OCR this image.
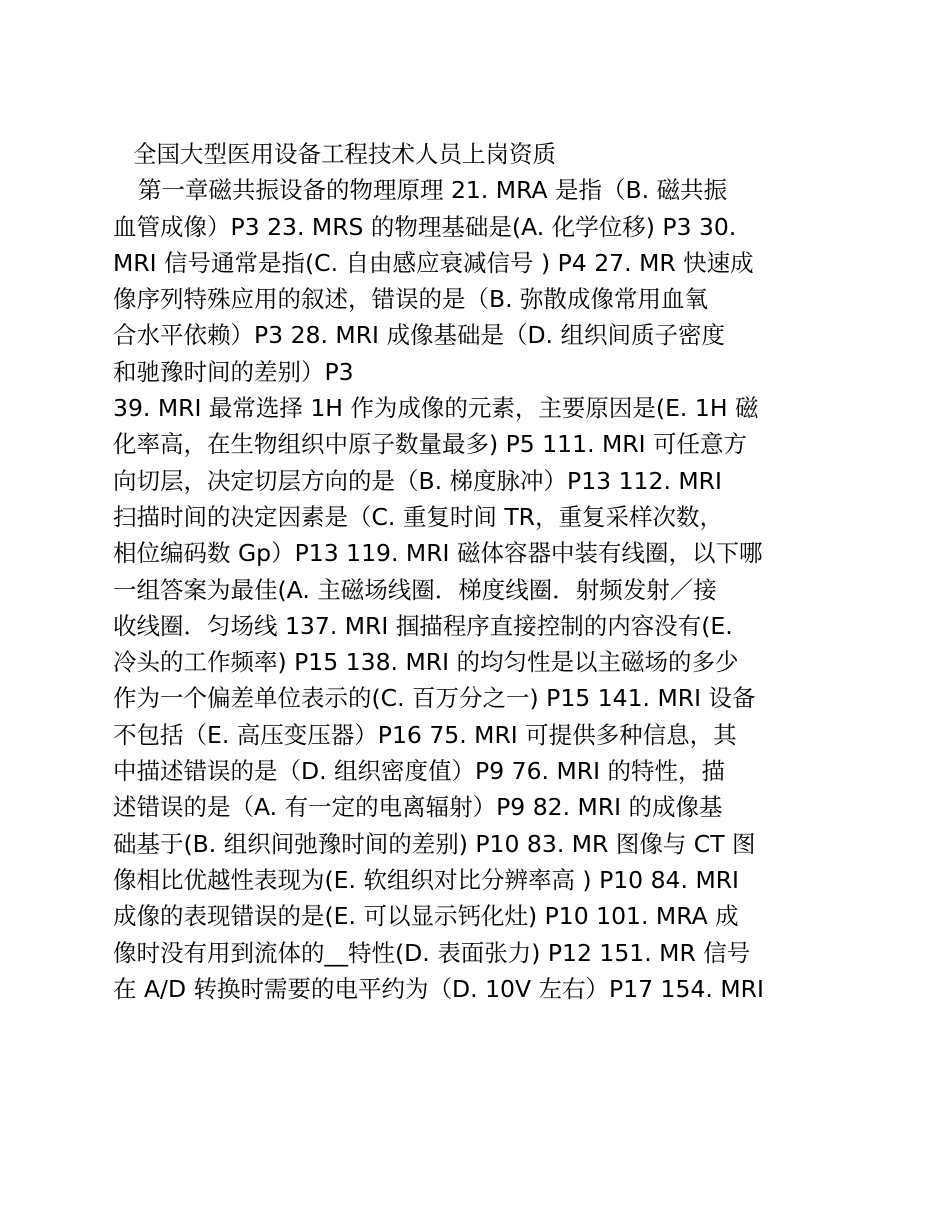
全国大型医用设备工程技术人员上岗资质
第一章磁共振设备的物理原理 21. MRA 是指（B. 磁共振
血管成像）P3 23. MRS 的物理基础是(A. 化学位移) P3 30.
MRI 信号通常是指(C. 自由感应衰减信号 ) P4 27. MR 快速成
像序列特殊应用的叙述，错误的是（B. 弥散成像常用血氧
合水平依赖）P3 28. MRI 成像基础是（D. 组织间质子密度
和驰豫时间的差别）P3
39. MRI 最常选择 1H 作为成像的元素，主要原因是(E. 1H 磁
化率高，在生物组织中原子数量最多) P5 111. MRI 可任意方
向切层，决定切层方向的是（B. 梯度脉冲）P13 112. MRI
扫描时间的决定因素是（C. 重复时间 TR，重复采样次数，
相位编码数 Gp）P13 119. MRI 磁体容器中装有线圈，以下哪
一组答案为最佳(A. 主磁场线圈．梯度线圈．射频发射／接
收线圈．匀场线 137. MRI 掴描程序直接控制的内容没有(E.
冷头的工作频率) P15 138. MRI 的均匀性是以主磁场的多少
作为一个偏差单位表示的(C. 百万分之一) P15 141. MRI 设备
不包括（E. 高压变压器）P16 75. MRI 可提供多种信息，其
中描述错误的是（D. 组织密度值）P9 76. MRI 的特性，描
述错误的是（A. 有一定的电离辐射）P9 82. MRI 的成像基
础基于(B. 组织间弛豫时间的差别) P10 83. MR 图像与 CT 图
像相比优越性表现为(E. 软组织对比分辨率高 ) P10 84. MRI
成像的表现错误的是(E. 可以显示钙化灶) P10 101. MRA 成
像时没有用到流体的__特性(D. 表面张力) P12 151. MR 信号
在 A/D 转换时需要的电平约为（D. 10V 左右）P17 154. MRI
